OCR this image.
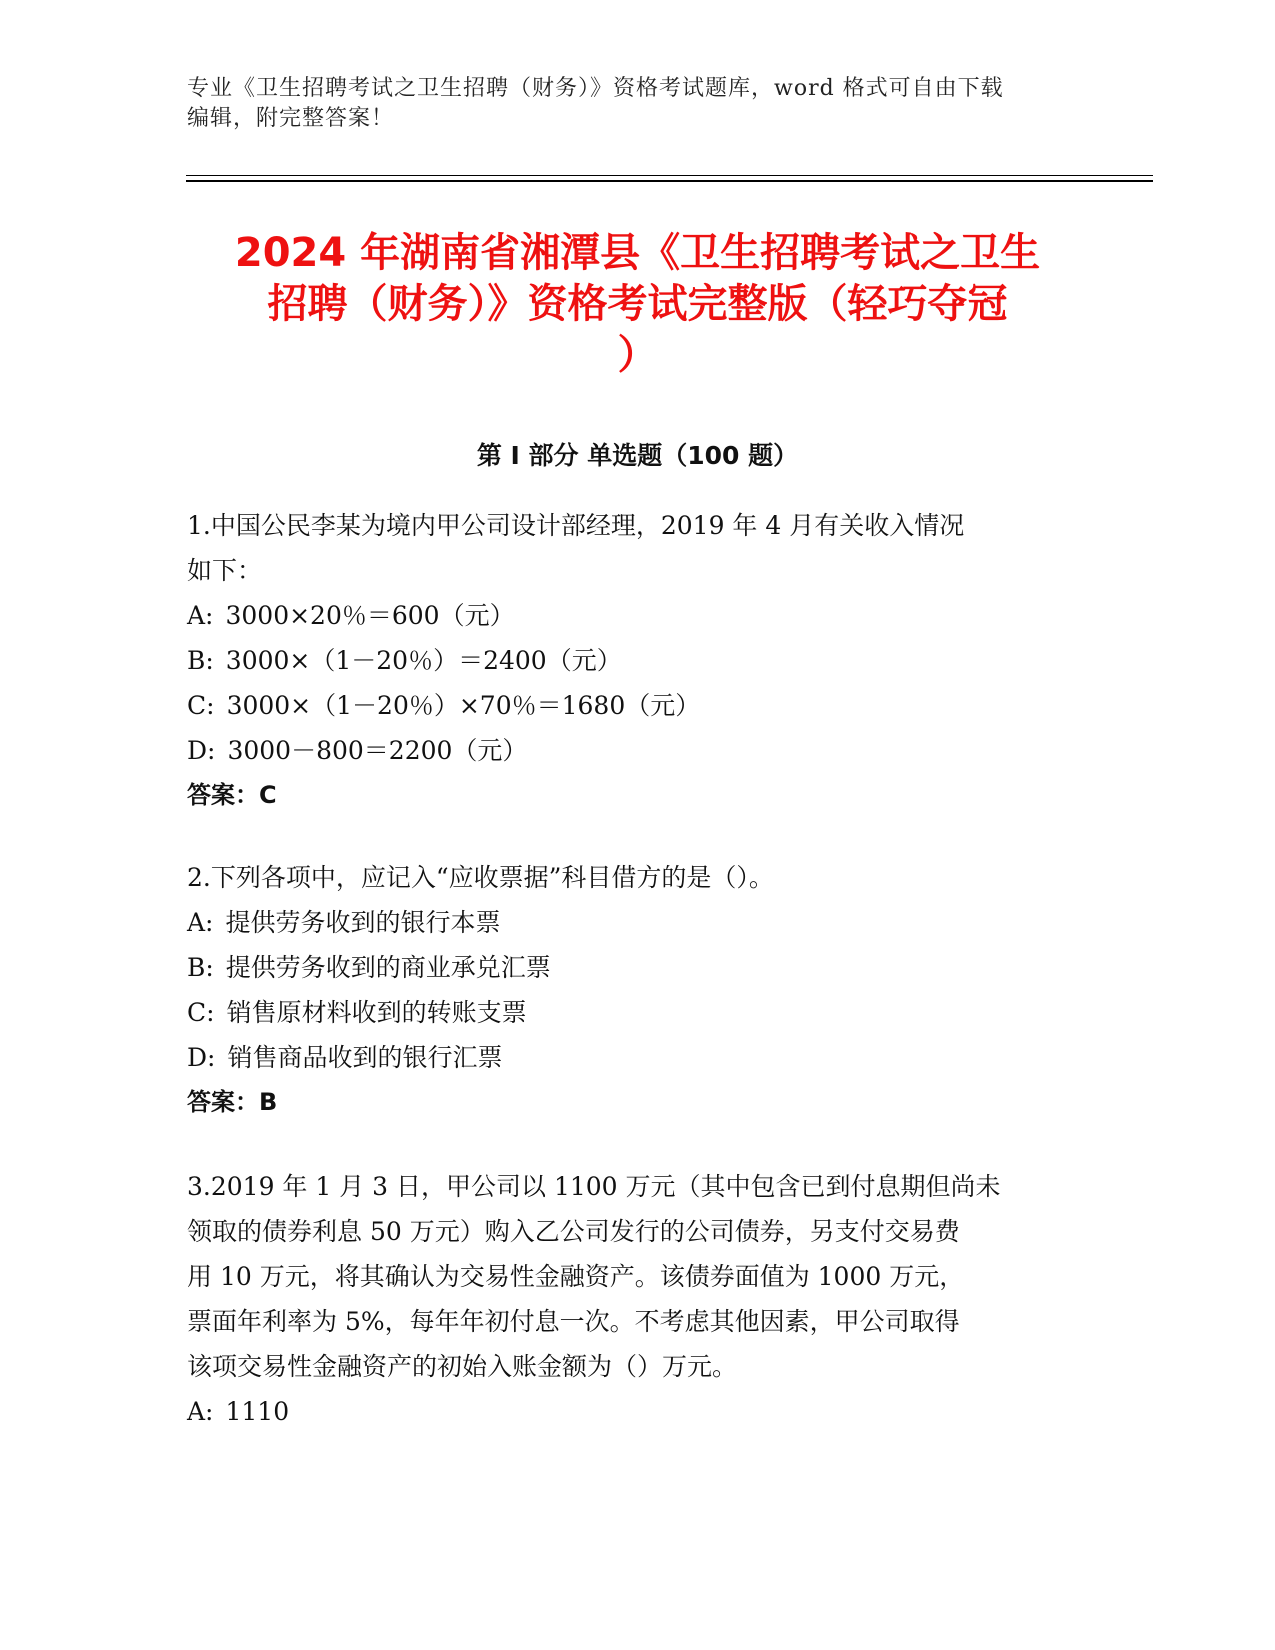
专业《卫生招聘考试之卫生招聘（财务）》资格考试题库，word 格式可自由下载
编辑，附完整答案！
2024 年湖南省湘潭县《卫生招聘考试之卫生
招聘（财务）》资格考试完整版（轻巧夺冠
）
第 I 部分 单选题（100 题）
1.中国公民李某为境内甲公司设计部经理，2019 年 4 月有关收入情况
如下：
A: 3000×20％＝600（元）
B: 3000×（1－20％）＝2400（元）
C: 3000×（1－20％）×70％＝1680（元）
D: 3000－800＝2200（元）
答案：C
2.下列各项中，应记入“应收票据”科目借方的是（）。
A: 提供劳务收到的银行本票
B: 提供劳务收到的商业承兑汇票
C: 销售原材料收到的转账支票
D: 销售商品收到的银行汇票
答案：B
3.2019 年 1 月 3 日，甲公司以 1100 万元（其中包含已到付息期但尚未
领取的债券利息 50 万元）购入乙公司发行的公司债券，另支付交易费
用 10 万元，将其确认为交易性金融资产。该债券面值为 1000 万元，
票面年利率为 5%，每年年初付息一次。不考虑其他因素，甲公司取得
该项交易性金融资产的初始入账金额为（）万元。
A: 1110
